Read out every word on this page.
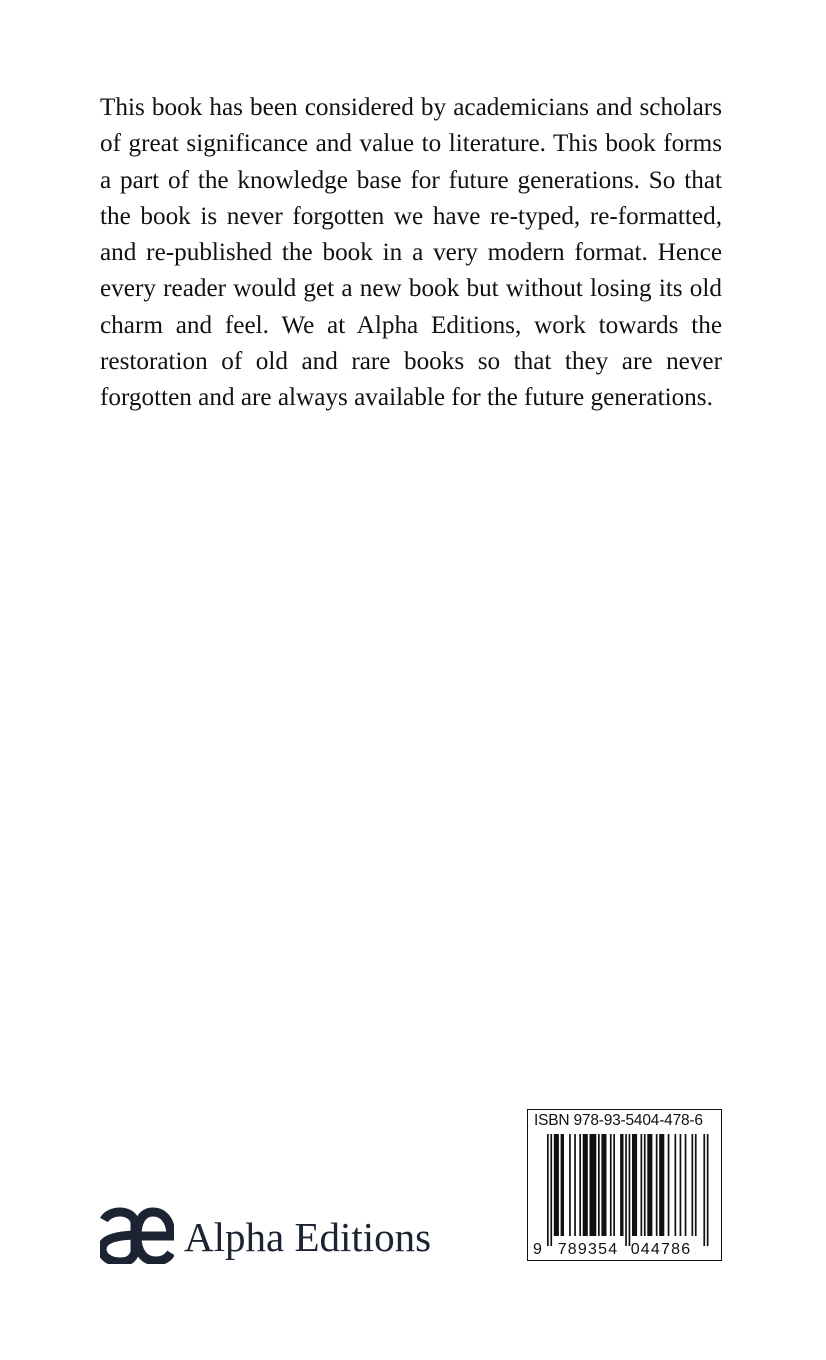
This book has been considered by academicians and scholars of great significance and value to literature. This book forms a part of the knowledge base for future generations. So that the book is never forgotten we have re-typed, re-formatted, and re-published the book in a very modern format. Hence every reader would get a new book but without losing its old charm and feel. We at Alpha Editions, work towards the restoration of old and rare books so that they are never forgotten and are always available for the future generations.

Alpha Editions
ISBN 978-93-5404-478-6
9 789354 044786
